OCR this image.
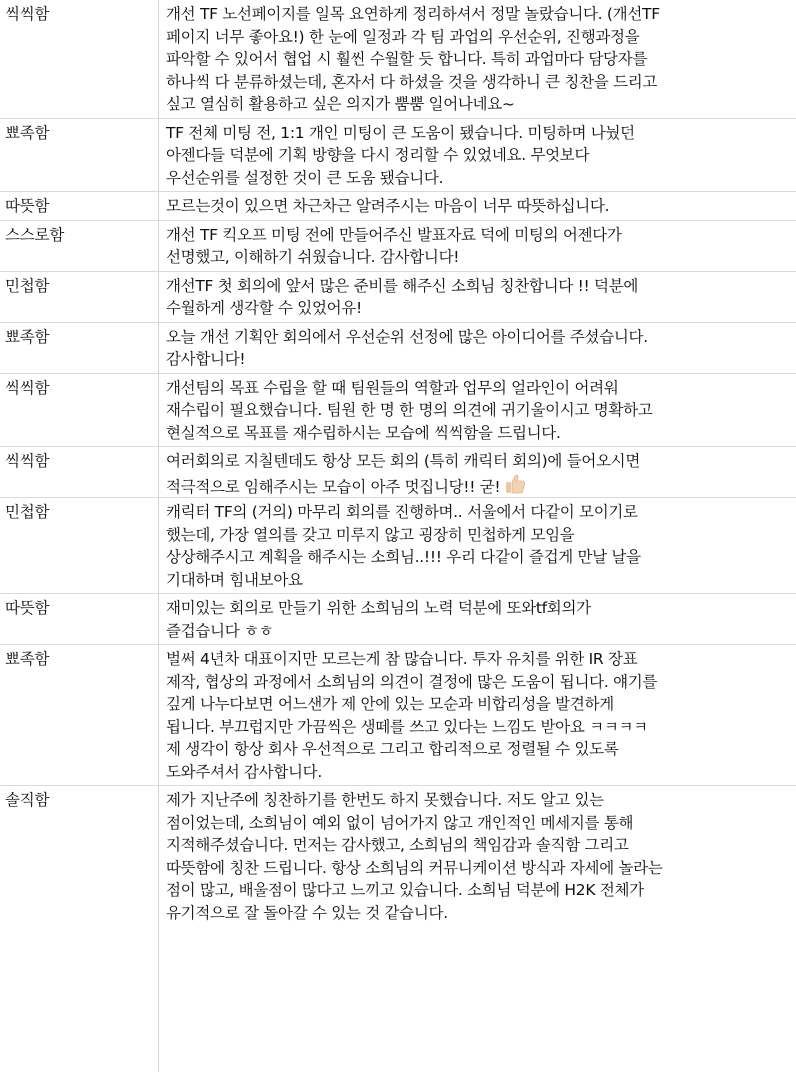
씩씩함	개선 TF 노선페이지를 일목 요연하게 정리하셔서 정말 놀랐습니다. (개선TF
페이지 너무 좋아요!) 한 눈에 일정과 각 팀 과업의 우선순위, 진행과정을
파악할 수 있어서 협업 시 훨씬 수월할 듯 합니다. 특히 과업마다 담당자를
하나씩 다 분류하셨는데, 혼자서 다 하셨을 것을 생각하니 큰 칭찬을 드리고
싶고 열심히 활용하고 싶은 의지가 뿜뿜 일어나네요~
뾰족함	TF 전체 미팅 전, 1:1 개인 미팅이 큰 도움이 됐습니다. 미팅하며 나눴던
아젠다들 덕분에 기획 방향을 다시 정리할 수 있었네요. 무엇보다
우선순위를 설정한 것이 큰 도움 됐습니다.
따뜻함	모르는것이 있으면 차근차근 알려주시는 마음이 너무 따뜻하십니다.
스스로함	개선 TF 킥오프 미팅 전에 만들어주신 발표자료 덕에 미팅의 어젠다가
선명했고, 이해하기 쉬웠습니다. 감사합니다!
민첩함	개선TF 첫 회의에 앞서 많은 준비를 해주신 소희님 칭찬합니다 !! 덕분에
수월하게 생각할 수 있었어유!
뾰족함	오늘 개선 기획안 회의에서 우선순위 선정에 많은 아이디어를 주셨습니다.
감사합니다!
씩씩함	개선팀의 목표 수립을 할 때 팀원들의 역할과 업무의 얼라인이 어려워
재수립이 필요했습니다. 팀원 한 명 한 명의 의견에 귀기울이시고 명확하고
현실적으로 목표를 재수립하시는 모습에 씩씩함을 드립니다.
씩씩함	여러회의로 지칠텐데도 항상 모든 회의 (특히 캐릭터 회의)에 들어오시면
적극적으로 임해주시는 모습이 아주 멋집니당!! 굳!
민첩함	캐릭터 TF의 (거의) 마무리 회의를 진행하며.. 서울에서 다같이 모이기로
했는데, 가장 열의를 갖고 미루지 않고 굉장히 민첩하게 모임을
상상해주시고 계획을 해주시는 소희님..!!! 우리 다같이 즐겁게 만날 날을
기대하며 힘내보아요
따뜻함	재미있는 회의로 만들기 위한 소희님의 노력 덕분에 또와tf회의가
즐겁습니다 ㅎㅎ
뾰족함	벌써 4년차 대표이지만 모르는게 참 많습니다. 투자 유치를 위한 IR 장표
제작, 협상의 과정에서 소희님의 의견이 결정에 많은 도움이 됩니다. 얘기를
깊게 나누다보면 어느샌가 제 안에 있는 모순과 비합리성을 발견하게
됩니다. 부끄럽지만 가끔씩은 생떼를 쓰고 있다는 느낌도 받아요 ㅋㅋㅋㅋ
제 생각이 항상 회사 우선적으로 그리고 합리적으로 정렬될 수 있도록
도와주셔서 감사합니다.
솔직함	제가 지난주에 칭찬하기를 한번도 하지 못했습니다. 저도 알고 있는
점이었는데, 소희님이 예외 없이 넘어가지 않고 개인적인 메세지를 통해
지적해주셨습니다. 먼저는 감사했고, 소희님의 책임감과 솔직함 그리고
따뜻함에 칭찬 드립니다. 항상 소희님의 커뮤니케이션 방식과 자세에 놀라는
점이 많고, 배울점이 많다고 느끼고 있습니다. 소희님 덕분에 H2K 전체가
유기적으로 잘 돌아갈 수 있는 것 같습니다.
